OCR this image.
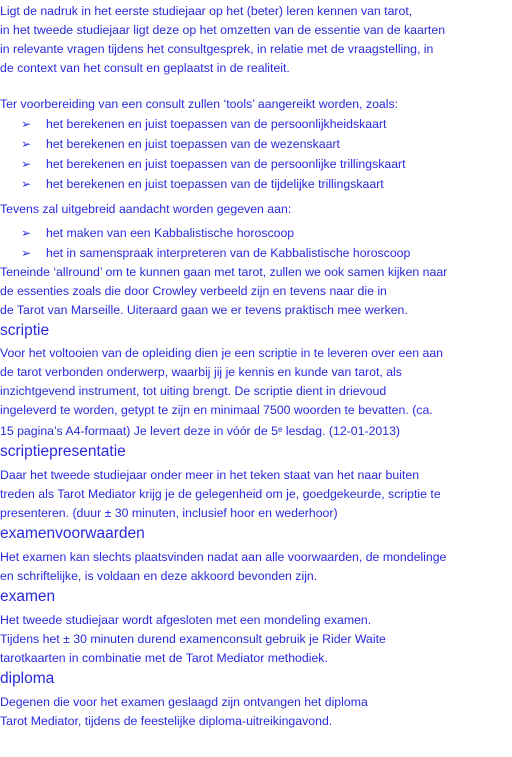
Ligt de nadruk in het eerste studiejaar op het (beter) leren kennen van tarot,
in het tweede studiejaar ligt deze op het omzetten van de essentie van de kaarten
in relevante vragen tijdens het consultgesprek, in relatie met de vraagstelling, in
de context van het consult en geplaatst in de realiteit.
Ter voorbereiding van een consult zullen ‘tools’ aangereikt worden, zoals:
➢ het berekenen en juist toepassen van de persoonlijkheidskaart
➢ het berekenen en juist toepassen van de wezenskaart
➢ het berekenen en juist toepassen van de persoonlijke trillingskaart
➢ het berekenen en juist toepassen van de tijdelijke trillingskaart
Tevens zal uitgebreid aandacht worden gegeven aan:
➢ het maken van een Kabbalistische horoscoop
➢ het in samenspraak interpreteren van de Kabbalistische horoscoop
Teneinde ‘allround’ om te kunnen gaan met tarot, zullen we ook samen kijken naar
de essenties zoals die door Crowley verbeeld zijn en tevens naar die in
de Tarot van Marseille. Uiteraard gaan we er tevens praktisch mee werken.
scriptie
Voor het voltooien van de opleiding dien je een scriptie in te leveren over een aan
de tarot verbonden onderwerp, waarbij jij je kennis en kunde van tarot, als
inzichtgevend instrument, tot uiting brengt. De scriptie dient in drievoud
ingeleverd te worden, getypt te zijn en minimaal 7500 woorden te bevatten. (ca.
15 pagina’s A4-formaat) Je levert deze in vóór de 5e lesdag. (12-01-2013)
scriptiepresentatie
Daar het tweede studiejaar onder meer in het teken staat van het naar buiten
treden als Tarot Mediator krijg je de gelegenheid om je, goedgekeurde, scriptie te
presenteren. (duur ± 30 minuten, inclusief hoor en wederhoor)
examenvoorwaarden
Het examen kan slechts plaatsvinden nadat aan alle voorwaarden, de mondelinge
en schriftelijke, is voldaan en deze akkoord bevonden zijn.
examen
Het tweede studiejaar wordt afgesloten met een mondeling examen.
Tijdens het ± 30 minuten durend examenconsult gebruik je Rider Waite
tarotkaarten in combinatie met de Tarot Mediator methodiek.
diploma
Degenen die voor het examen geslaagd zijn ontvangen het diploma
Tarot Mediator, tijdens de feestelijke diploma-uitreikingavond.
